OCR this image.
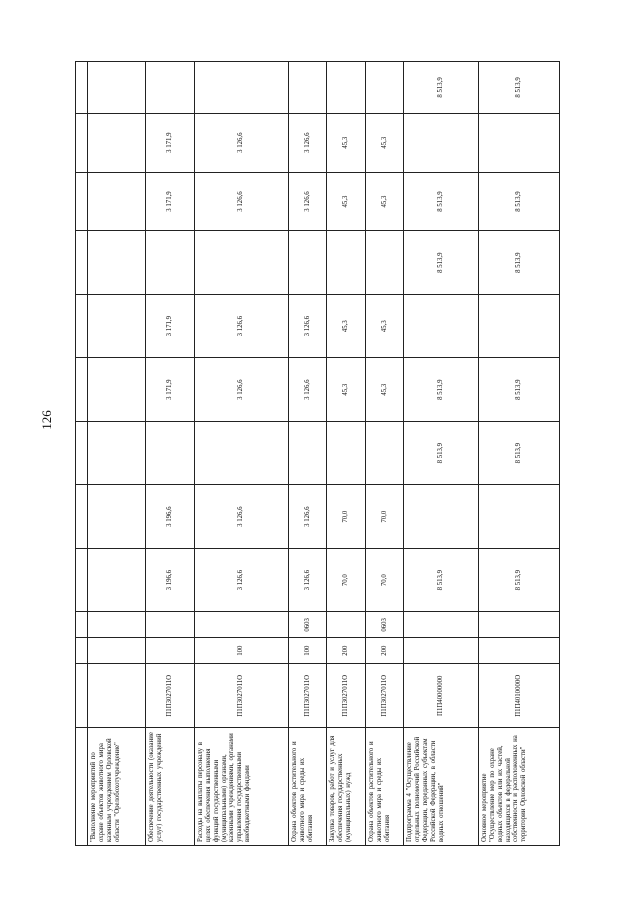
126

"Выполнение мероприятий по охране объектов животного мира казенным учреждением Орловской области "Орелобохотучреждение"												
Обеспечение деятельности (оказание услуг) государственных учреждений	П1П3027011О			3 196,6	3 196,6		3 171,9	3 171,9		3 171,9	3 171,9	
Расходы на выплаты персоналу в целях обеспечения выполнения функций государственными (муниципальными) органами, казенными учреждениями, органами управления государственными внебюджетными фондами	П1П3027011О	100		3 126,6	3 126,6		3 126,6	3 126,6		3 126,6	3 126,6	
Охрана объектов растительного и животного мира и среды их обитания	П1П3027011О	100	0603	3 126,6	3 126,6		3 126,6	3 126,6		3 126,6	3 126,6	
Закупка товаров, работ и услуг для обеспечения государственных (муниципальных) нужд	П1П3027011О	200		70,0	70,0		45,3	45,3		45,3	45,3	
Охрана объектов растительного и животного мира и среды их обитания	П1П3027011О	200	0603	70,0	70,0		45,3	45,3		45,3	45,3	
Подпрограмма 4 "Осуществление отдельных полномочий Российской Федерации, переданных субъектам Российской Федерации, в области водных отношений"	П1П40000000			8 513,9		8 513,9	8 513,9		8 513,9	8 513,9		8 513,9
Основное мероприятие "Осуществление мер по охране водных объектов или их частей, находящихся в федеральной собственности и расположенных на территории Орловской области"	П1П4010000О			8 513,9		8 513,9	8 513,9		8 513,9	8 513,9		8 513,9
